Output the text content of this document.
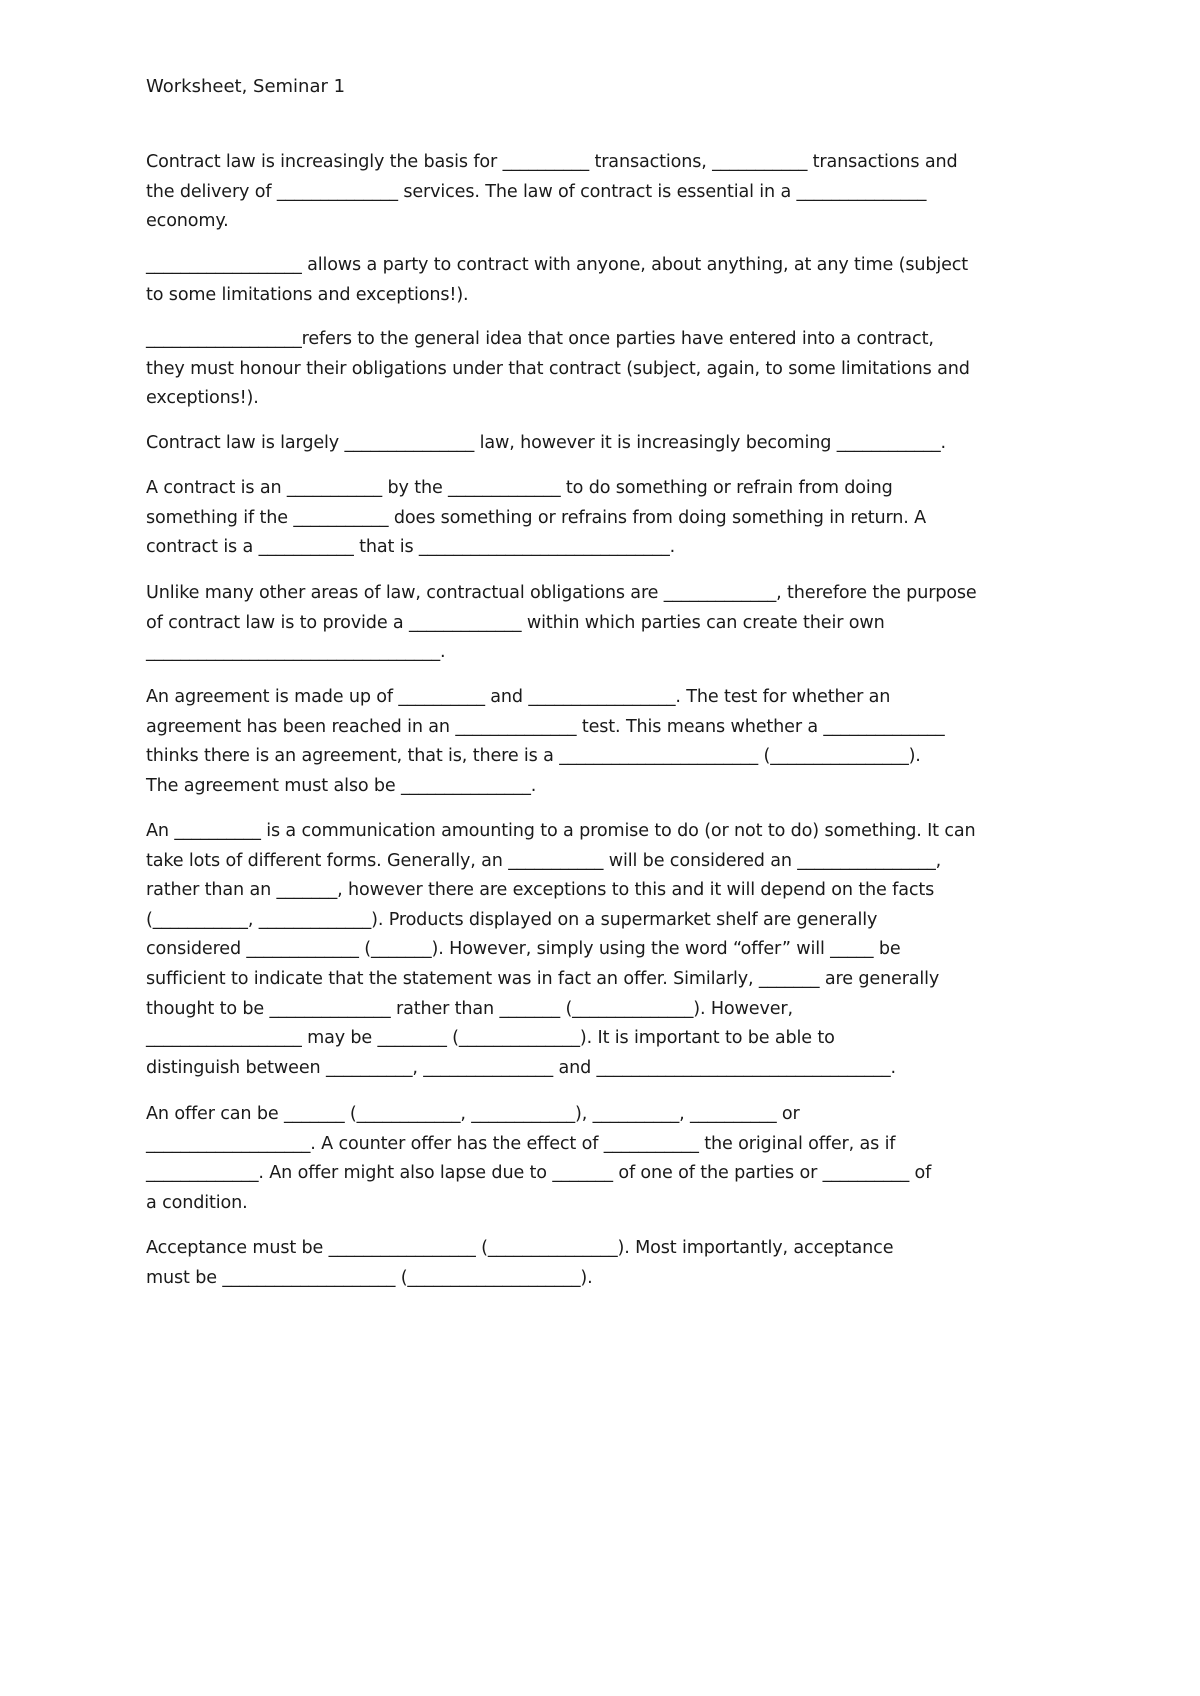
Worksheet, Seminar 1
Contract law is increasingly the basis for __________ transactions, ___________ transactions and
the delivery of ______________ services. The law of contract is essential in a _______________
economy.
__________________ allows a party to contract with anyone, about anything, at any time (subject
to some limitations and exceptions!).
__________________refers to the general idea that once parties have entered into a contract,
they must honour their obligations under that contract (subject, again, to some limitations and
exceptions!).
Contract law is largely _______________ law, however it is increasingly becoming ____________.
A contract is an ___________ by the _____________ to do something or refrain from doing
something if the ___________ does something or refrains from doing something in return. A
contract is a ___________ that is _____________________________.
Unlike many other areas of law, contractual obligations are _____________, therefore the purpose
of contract law is to provide a _____________ within which parties can create their own
__________________________________.
An agreement is made up of __________ and _________________. The test for whether an
agreement has been reached in an ______________ test. This means whether a ______________
thinks there is an agreement, that is, there is a _______________________ (________________).
The agreement must also be _______________.
An __________ is a communication amounting to a promise to do (or not to do) something. It can
take lots of different forms. Generally, an ___________ will be considered an ________________,
rather than an _______, however there are exceptions to this and it will depend on the facts
(___________, _____________). Products displayed on a supermarket shelf are generally
considered _____________ (_______). However, simply using the word “offer” will _____ be
sufficient to indicate that the statement was in fact an offer. Similarly, _______ are generally
thought to be ______________ rather than _______ (______________). However,
__________________ may be ________ (______________). It is important to be able to
distinguish between __________, _______________ and __________________________________.
An offer can be _______ (____________, ____________), __________, __________ or
___________________. A counter offer has the effect of ___________ the original offer, as if
_____________. An offer might also lapse due to _______ of one of the parties or __________ of
a condition.
Acceptance must be _________________ (_______________). Most importantly, acceptance
must be ____________________ (____________________).
